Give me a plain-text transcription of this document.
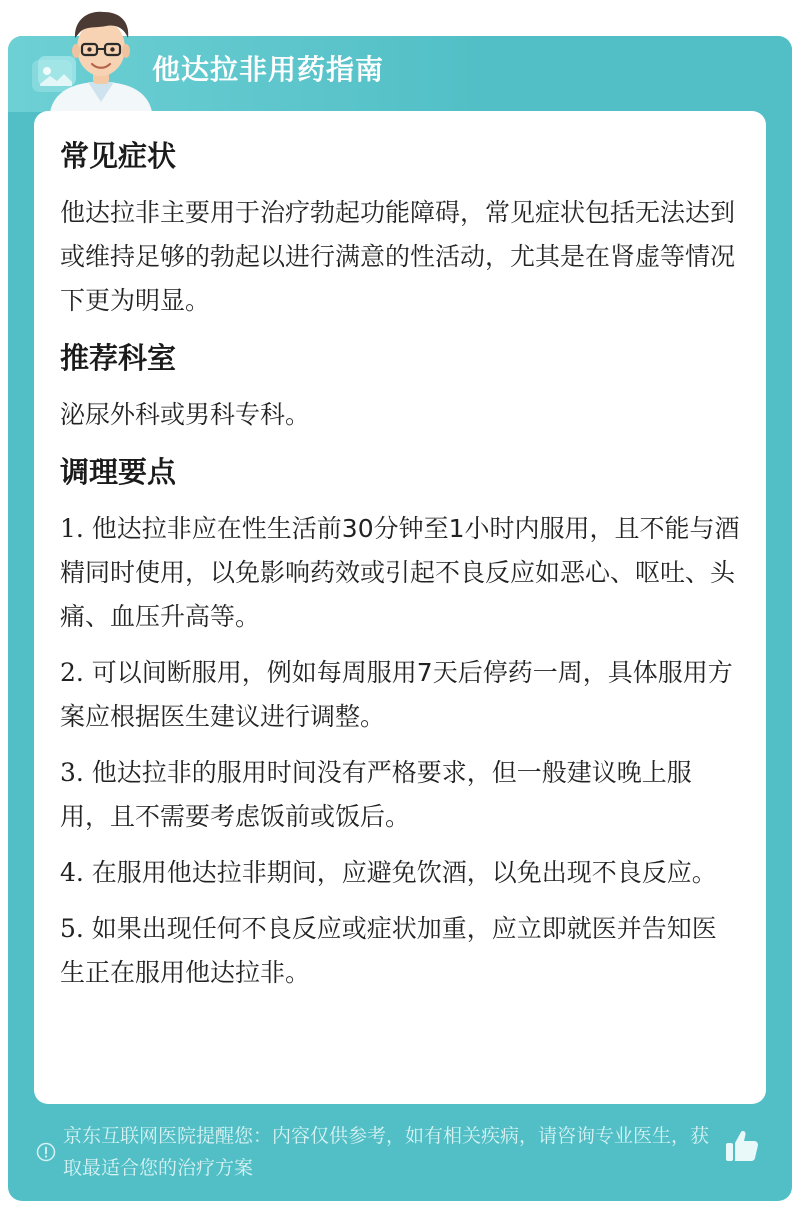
他达拉非用药指南
常见症状
他达拉非主要用于治疗勃起功能障碍，常见症状包括无法达到或维持足够的勃起以进行满意的性活动，尤其是在肾虚等情况下更为明显。
推荐科室
泌尿外科或男科专科。
调理要点
1. 他达拉非应在性生活前30分钟至1小时内服用，且不能与酒精同时使用，以免影响药效或引起不良反应如恶心、呕吐、头痛、血压升高等。
2. 可以间断服用，例如每周服用7天后停药一周，具体服用方案应根据医生建议进行调整。
3. 他达拉非的服用时间没有严格要求，但一般建议晚上服用，且不需要考虑饭前或饭后。
4. 在服用他达拉非期间，应避免饮酒，以免出现不良反应。
5. 如果出现任何不良反应或症状加重，应立即就医并告知医生正在服用他达拉非。
京东互联网医院提醒您：内容仅供参考，如有相关疾病，请咨询专业医生，获取最适合您的治疗方案
